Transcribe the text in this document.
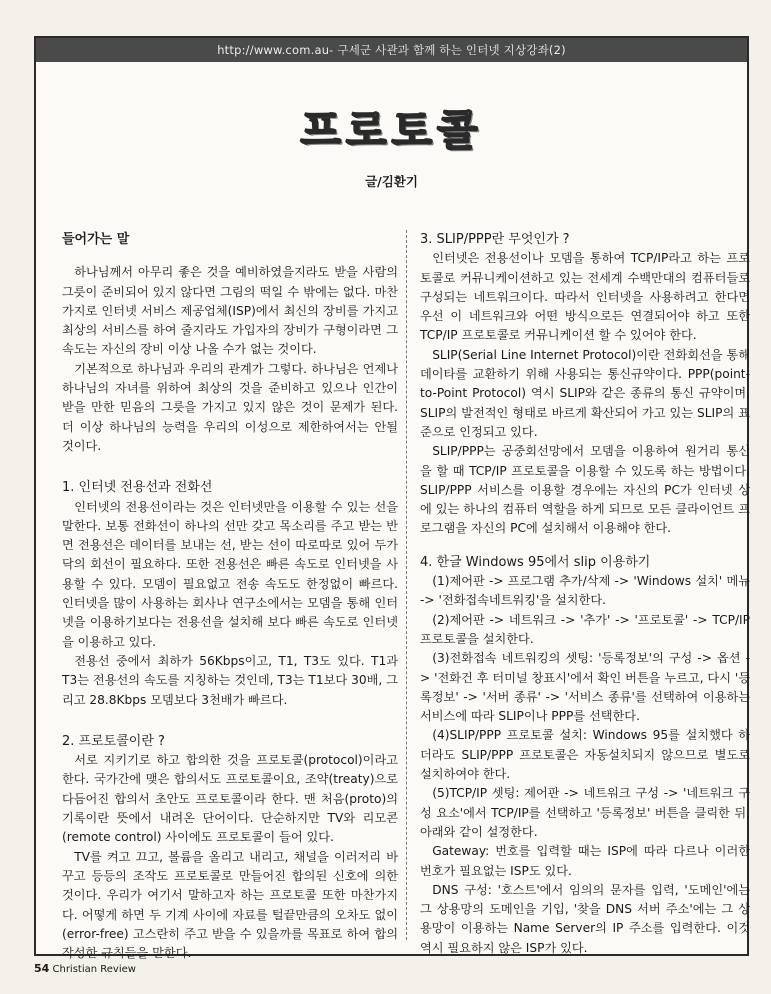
http://www.com.au- 구세군 사관과 함께 하는 인터넷 지상강좌(2)
프로토콜
글/김환기
들어가는 말

하나님께서 아무리 좋은 것을 예비하였을지라도 받을 사람의 그릇이 준비되어 있지 않다면 그림의 떡일 수 밖에는 없다. 마찬가지로 인터넷 서비스 제공업체(ISP)에서 최신의 장비를 가지고 최상의 서비스를 하여 줄지라도 가입자의 장비가 구형이라면 그 속도는 자신의 장비 이상 나올 수가 없는 것이다.

기본적으로 하나님과 우리의 관계가 그렇다. 하나님은 언제나 하나님의 자녀를 위하여 최상의 것을 준비하고 있으나 인간이 받을 만한 믿음의 그릇을 가지고 있지 않은 것이 문제가 된다. 더 이상 하나님의 능력을 우리의 이성으로 제한하여서는 안될 것이다.

1. 인터넷 전용선과 전화선

인터넷의 전용선이라는 것은 인터넷만을 이용할 수 있는 선을 말한다. 보통 전화선이 하나의 선만 갖고 목소리를 주고 받는 반면 전용선은 데이터를 보내는 선, 받는 선이 따로따로 있어 두가닥의 회선이 필요하다. 또한 전용선은 빠른 속도로 인터넷을 사용할 수 있다. 모뎀이 필요없고 전송 속도도 한정없이 빠르다. 인터넷을 많이 사용하는 회사나 연구소에서는 모뎀을 통해 인터넷을 이용하기보다는 전용선을 설치해 보다 빠른 속도로 인터넷을 이용하고 있다.

전용선 중에서 최하가 56Kbps이고, T1, T3도 있다. T1과 T3는 전용선의 속도를 지칭하는 것인데, T3는 T1보다 30배, 그리고 28.8Kbps 모뎀보다 3천배가 빠르다.

2. 프로토콜이란 ?

서로 지키기로 하고 합의한 것을 프로토콜(protocol)이라고 한다. 국가간에 맺은 합의서도 프로토콜이요, 조약(treaty)으로 다듬어진 합의서 초안도 프로토콜이라 한다. 맨 처음(proto)의 기록이란 뜻에서 내려온 단어이다. 단순하지만 TV와 리모콘(remote control) 사이에도 프로토콜이 들어 있다.

TV를 켜고 끄고, 볼륨을 올리고 내리고, 채널을 이러저리 바꾸고 등등의 조작도 프로토콜로 만들어진 합의된 신호에 의한 것이다. 우리가 여기서 말하고자 하는 프로토콜 또한 마찬가지다. 어떻게 하면 두 기계 사이에 자료를 털끝만큼의 오차도 없이(error-free) 고스란히 주고 받을 수 있을까를 목표로 하여 합의 작성한 규칙들을 말한다.

3. SLIP/PPP란 무엇인가 ?

인터넷은 전용선이나 모뎀을 통하여 TCP/IP라고 하는 프로토콜로 커뮤니케이션하고 있는 전세계 수백만대의 컴퓨터들로 구성되는 네트워크이다. 따라서 인터넷을 사용하려고 한다면 우선 이 네트워크와 어떤 방식으로든 연결되어야 하고 또한 TCP/IP 프로토콜로 커뮤니케이션 할 수 있어야 한다.

SLIP(Serial Line Internet Protocol)이란 전화회선을 통해 데이타를 교환하기 위해 사용되는 통신규약이다. PPP(point-to-Point Protocol) 역시 SLIP와 같은 종류의 통신 규약이며, SLIP의 발전적인 형태로 바르게 확산되어 가고 있는 SLIP의 표준으로 인정되고 있다.

SLIP/PPP는 공중회선망에서 모뎀을 이용하여 원거리 통신을 할 때 TCP/IP 프로토콜을 이용할 수 있도록 하는 방법이다. SLIP/PPP 서비스를 이용할 경우에는 자신의 PC가 인터넷 상에 있는 하나의 컴퓨터 역할을 하게 되므로 모든 클라이언트 프로그램을 자신의 PC에 설치해서 이용해야 한다.

4. 한글 Windows 95에서 slip 이용하기

(1)제어판 -> 프로그램 추가/삭제 -> 'Windows 설치' 메뉴 -> '전화접속네트워킹'을 설치한다.

(2)제어판 -> 네트워크 -> '추가' -> '프로토콜' -> TCP/IP 프로토콜을 설치한다.

(3)전화접속 네트워킹의 셋팅: '등록정보'의 구성 -> 옵션 -> '전화건 후 터미널 창표시'에서 확인 버튼을 누르고, 다시 '등록정보' -> '서버 종류' -> '서비스 종류'를 선택하여 이용하는 서비스에 따라 SLIP이나 PPP를 선택한다.

(4)SLIP/PPP 프로토콜 설치: Windows 95를 설치했다 하더라도 SLIP/PPP 프로토콜은 자동설치되지 않으므로 별도로 설치하여야 한다.

(5)TCP/IP 셋팅: 제어판 -> 네트워크 구성 -> '네트워크 구성 요소'에서 TCP/IP를 선택하고 '등록정보' 버튼을 클릭한 뒤, 아래와 같이 설정한다.

Gateway: 번호를 입력할 때는 ISP에 따라 다르나 이러한 번호가 필요없는 ISP도 있다.

DNS 구성: '호스트'에서 임의의 문자를 입력, '도메인'에는 그 상용망의 도메인을 기입, '찾을 DNS 서버 주소'에는 그 상용망이 이용하는 Name Server의 IP 주소를 입력한다. 이것 역시 필요하지 않은 ISP가 있다.

54 Christian Review
